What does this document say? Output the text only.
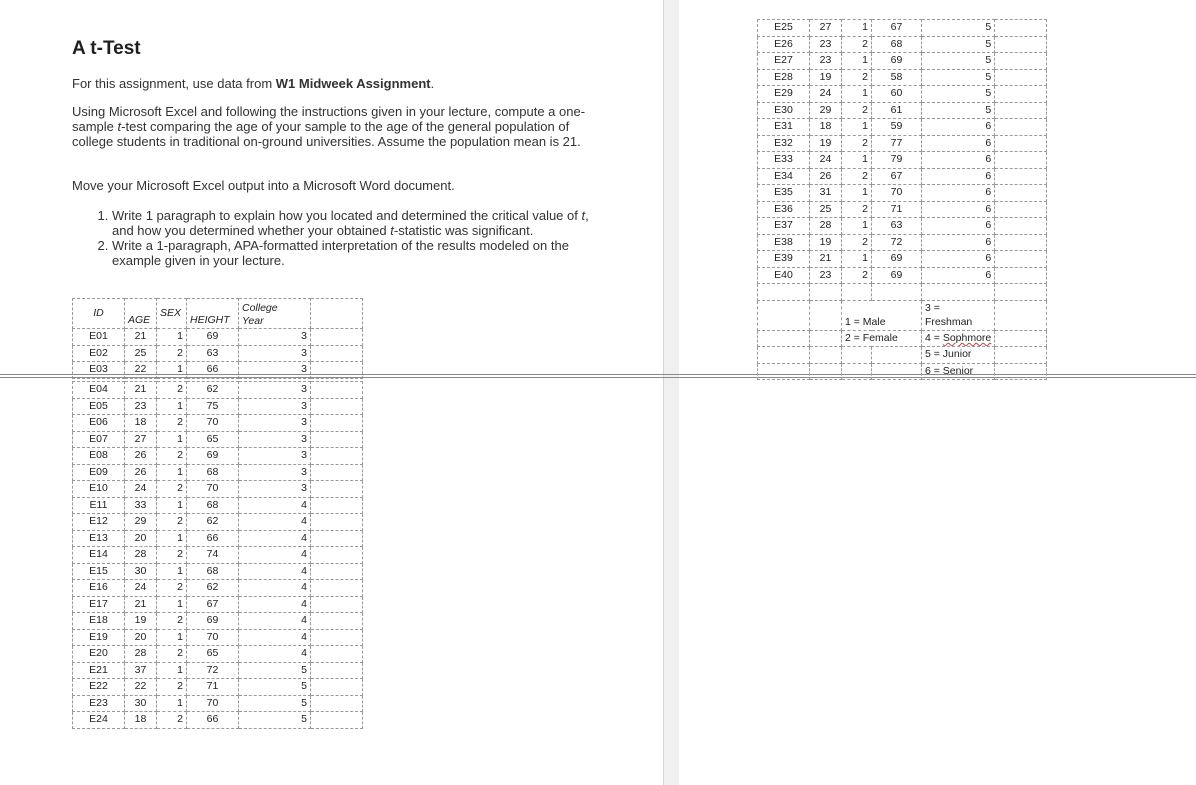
A t-Test

For this assignment, use data from W1 Midweek Assignment.

Using Microsoft Excel and following the instructions given in your lecture, compute a one-sample t-test comparing the age of your sample to the age of the general population of college students in traditional on-ground universities. Assume the population mean is 21.

Move your Microsoft Excel output into a Microsoft Word document.

1. Write 1 paragraph to explain how you located and determined the critical value of t, and how you determined whether your obtained t-statistic was significant.
2. Write a 1-paragraph, APA-formatted interpretation of the results modeled on the example given in your lecture.
ID	AGE	SEX	HEIGHT	College
Year	
E01	21	1	69	3	
E02	25	2	63	3	
E03	22	1	66	3	
E04	21	2	62	3	
E05	23	1	75	3	
E06	18	2	70	3	
E07	27	1	65	3	
E08	26	2	69	3	
E09	26	1	68	3	
E10	24	2	70	3	
E11	33	1	68	4	
E12	29	2	62	4	
E13	20	1	66	4	
E14	28	2	74	4	
E15	30	1	68	4	
E16	24	2	62	4	
E17	21	1	67	4	
E18	19	2	69	4	
E19	20	1	70	4	
E20	28	2	65	4	
E21	37	1	72	5	
E22	22	2	71	5	
E23	30	1	70	5	
E24	18	2	66	5	
E25	27	1	67	5	
E26	23	2	68	5	
E27	23	1	69	5	
E28	19	2	58	5	
E29	24	1	60	5	
E30	29	2	61	5	
E31	18	1	59	6	
E32	19	2	77	6	
E33	24	1	79	6	
E34	26	2	67	6	
E35	31	1	70	6	
E36	25	2	71	6	
E37	28	1	63	6	
E38	19	2	72	6	
E39	21	1	69	6	
E40	23	2	69	6	

		1 = Male		3 =
Freshman	
		2 = Female		4 = Sophmore	
				5 = Junior	
				6 = Senior	
